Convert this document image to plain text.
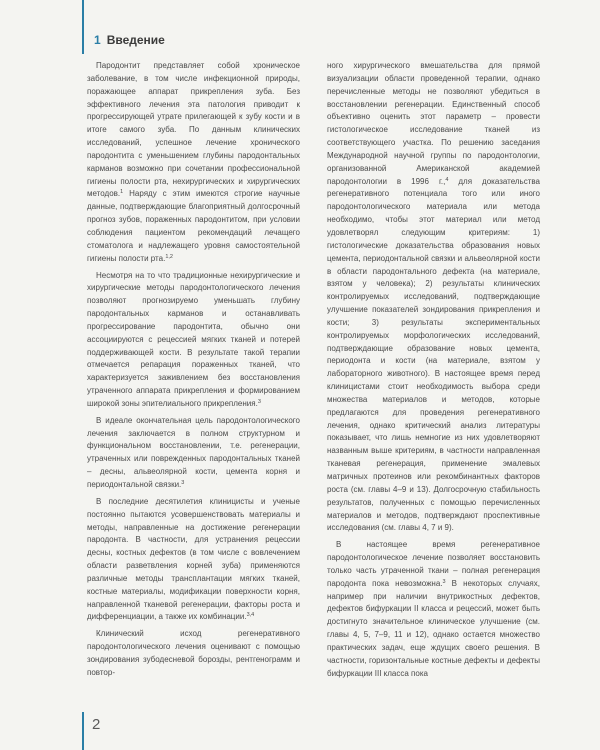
1 Введение

Пародонтит представляет собой хроническое заболевание, в том числе инфекционной природы, поражающее аппарат прикрепления зуба. Без эффективного лечения эта патология приводит к прогрессирующей утрате прилегающей к зубу кости и в итоге самого зуба. По данным клинических исследований, успешное лечение хронического пародонтита с уменьшением глубины пародонтальных карманов возможно при сочетании профессиональной гигиены полости рта, нехирургических и хирургических методов.$^1$ Наряду с этим имеются строгие научные данные, подтверждающие благоприятный долгосрочный прогноз зубов, пораженных пародонтитом, при условии соблюдения пациентом рекомендаций лечащего стоматолога и надлежащего уровня самостоятельной гигиены полости рта.$^{1,2}$

Несмотря на то что традиционные нехирургические и хирургические методы пародонтологического лечения позволяют прогнозируемо уменьшать глубину пародонтальных карманов и останавливать прогрессирование пародонтита, обычно они ассоциируются с рецессией мягких тканей и потерей поддерживающей кости. В результате такой терапии отмечается репарация пораженных тканей, что характеризуется заживлением без восстановления утраченного аппарата прикрепления и формированием широкой зоны эпителиального прикрепления.$^3$

В идеале окончательная цель пародонтологического лечения заключается в полном структурном и функциональном восстановлении, т.е. регенерации, утраченных или поврежденных пародонтальных тканей – десны, альвеолярной кости, цемента корня и периодонтальной связки.$^3$

В последние десятилетия клиницисты и ученые постоянно пытаются усовершенствовать материалы и методы, направленные на достижение регенерации пародонта. В частности, для устранения рецессии десны, костных дефектов (в том числе с вовлечением области разветвления корней зуба) применяются различные методы трансплантации мягких тканей, костные материалы, модификации поверхности корня, направленной тканевой регенерации, факторы роста и дифференциации, а также их комбинации.$^{3,4}$

Клинический исход регенеративного пародонтологического лечения оценивают с помощью зондирования зубодесневой борозды, рентгенограмм и повтор-

ного хирургического вмешательства для прямой визуализации области проведенной терапии, однако перечисленные методы не позволяют убедиться в восстановлении регенерации. Единственный способ объективно оценить этот параметр – провести гистологическое исследование тканей из соответствующего участка. По решению заседания Международной научной группы по пародонтологии, организованной Американской академией пародонтологии в 1996 г.,$^4$ для доказательства регенеративного потенциала того или иного пародонтологического материала или метода необходимо, чтобы этот материал или метод удовлетворял следующим критериям: 1) гистологические доказательства образования новых цемента, периодонтальной связки и альвеолярной кости в области пародонтального дефекта (на материале, взятом у человека); 2) результаты клинических контролируемых исследований, подтверждающие улучшение показателей зондирования прикрепления и кости; 3) результаты экспериментальных контролируемых морфологических исследований, подтверждающие образование новых цемента, периодонта и кости (на материале, взятом у лабораторного животного). В настоящее время перед клиницистами стоит необходимость выбора среди множества материалов и методов, которые предлагаются для проведения регенеративного лечения, однако критический анализ литературы показывает, что лишь немногие из них удовлетворяют названным выше критериям, в частности направленная тканевая регенерация, применение эмалевых матричных протеинов или рекомбинантных факторов роста (см. главы 4–9 и 13). Долгосрочную стабильность результатов, полученных с помощью перечисленных материалов и методов, подтверждают проспективные исследования (см. главы 4, 7 и 9).

В настоящее время регенеративное пародонтологическое лечение позволяет восстановить только часть утраченной ткани – полная регенерация пародонта пока невозможна.$^3$ В некоторых случаях, например при наличии внутрикостных дефектов, дефектов бифуркации II класса и рецессий, может быть достигнуто значительное клиническое улучшение (см. главы 4, 5, 7–9, 11 и 12), однако остается множество практических задач, еще ждущих своего решения. В частности, горизонтальные костные дефекты и дефекты бифуркации III класса пока

2
